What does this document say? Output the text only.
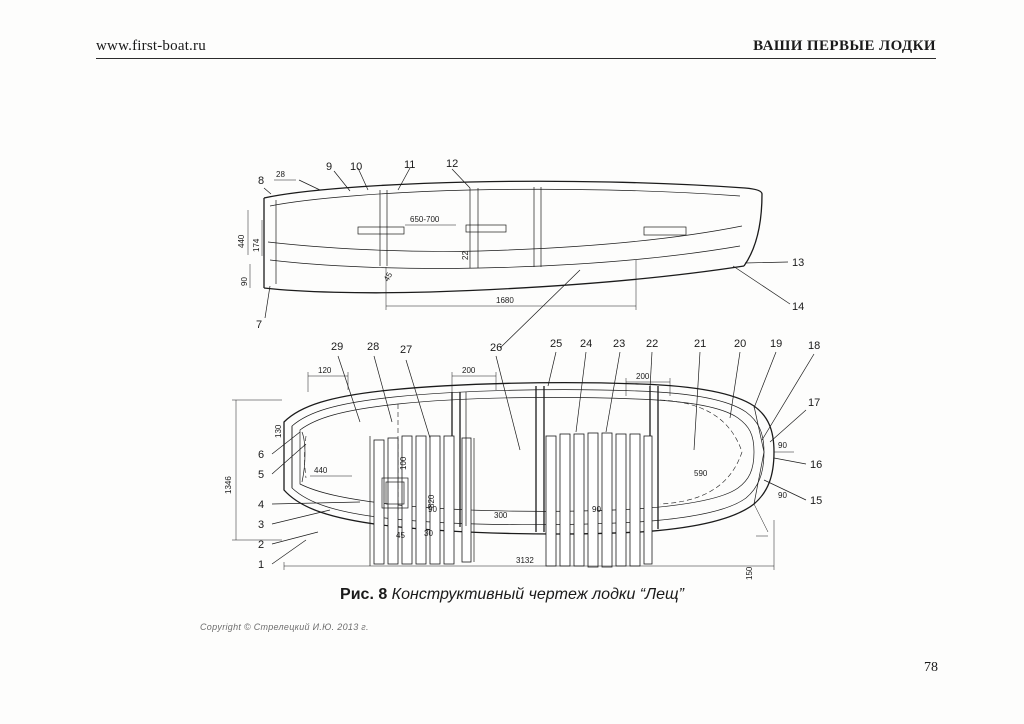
www.first-boat.ru	ВАШИ ПЕРВЫЕ ЛОДКИ
8
9 10	11	12
13
14
7
28
650-700
440 174
90
22
45
1680
29 28 27	26	25 24 23 22	21	20 19 18
17
6
5
4
3
2
1
16
15
120
130
200
200
440
100
820
90
30
45
300
90
590
90
90
150
1346
3132
Рис. 8 Конструктивный чертеж лодки “Лещ”
Copyright © Стрелецкий И.Ю. 2013 г.
78
